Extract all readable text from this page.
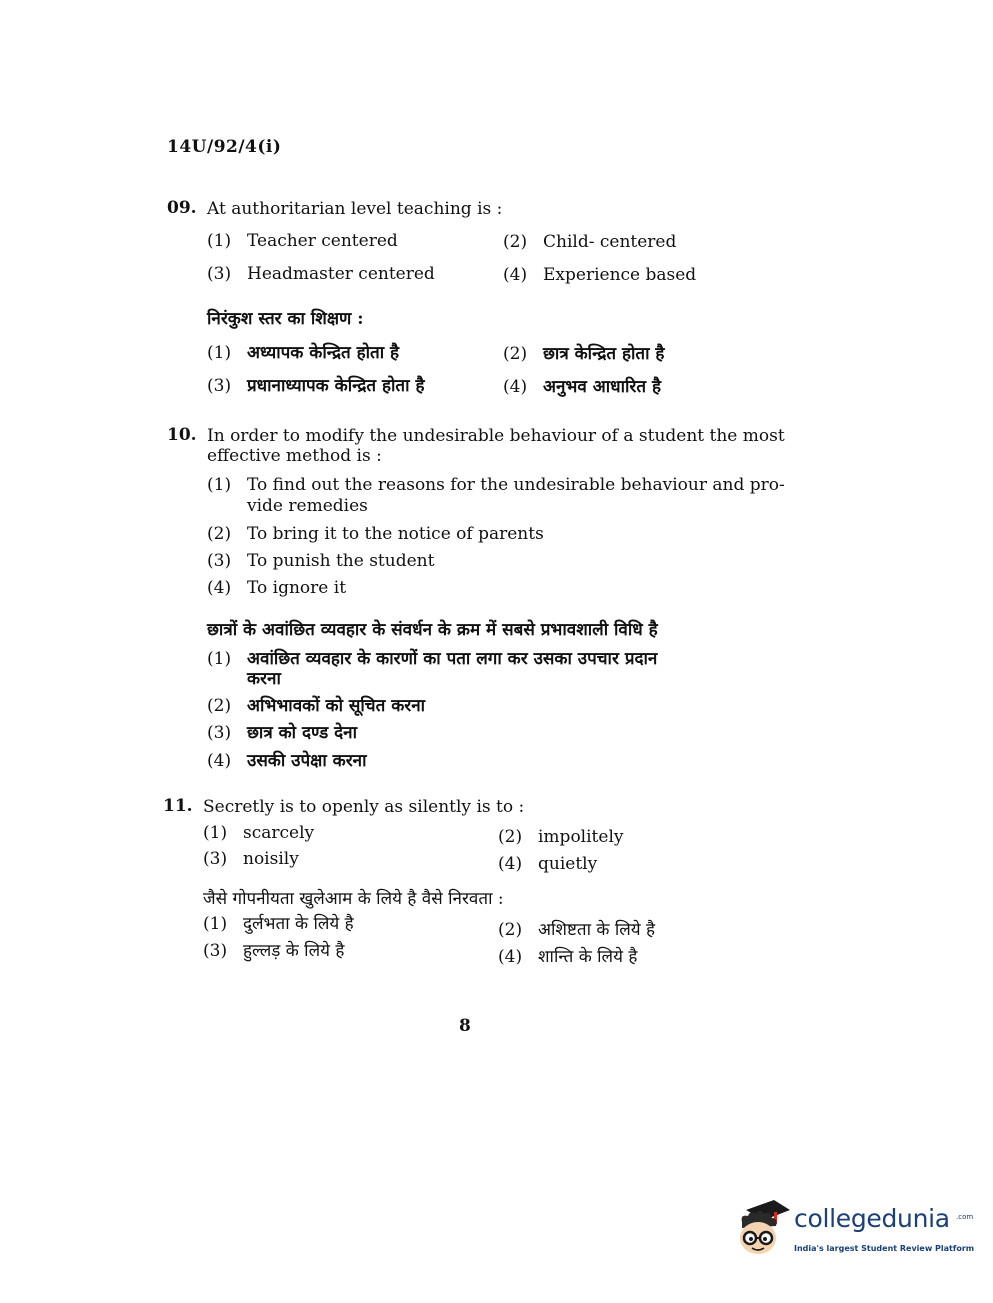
14U/92/4(i)
09. At authoritarian level teaching is :
(1) Teacher centered	(2) Child- centered
(3) Headmaster centered	(4) Experience based
निरंकुश स्तर का शिक्षण :
(1) अध्यापक केन्द्रित होता है	(2) छात्र केन्द्रित होता है
(3) प्रधानाध्यापक केन्द्रित होता है	(4) अनुभव आधारित है
10. In order to modify the undesirable behaviour of a student the most
effective method is :
(1) To find out the reasons for the undesirable behaviour and pro-
vide remedies
(2) To bring it to the notice of parents
(3) To punish the student
(4) To ignore it
छात्रों के अवांछित व्यवहार के संवर्धन के क्रम में सबसे प्रभावशाली विधि है
(1) अवांछित व्यवहार के कारणों का पता लगा कर उसका उपचार प्रदान
करना
(2) अभिभावकों को सूचित करना
(3) छात्र को दण्ड देना
(4) उसकी उपेक्षा करना
11. Secretly is to openly as silently is to :
(1) scarcely	(2) impolitely
(3) noisily	(4) quietly
जैसे गोपनीयता खुलेआम के लिये है वैसे निरवता :
(1) दुर्लभता के लिये है	(2) अशिष्टता के लिये है
(3) हुल्लड़ के लिये है	(4) शान्ति के लिये है
8
collegedunia .com
India's largest Student Review Platform
